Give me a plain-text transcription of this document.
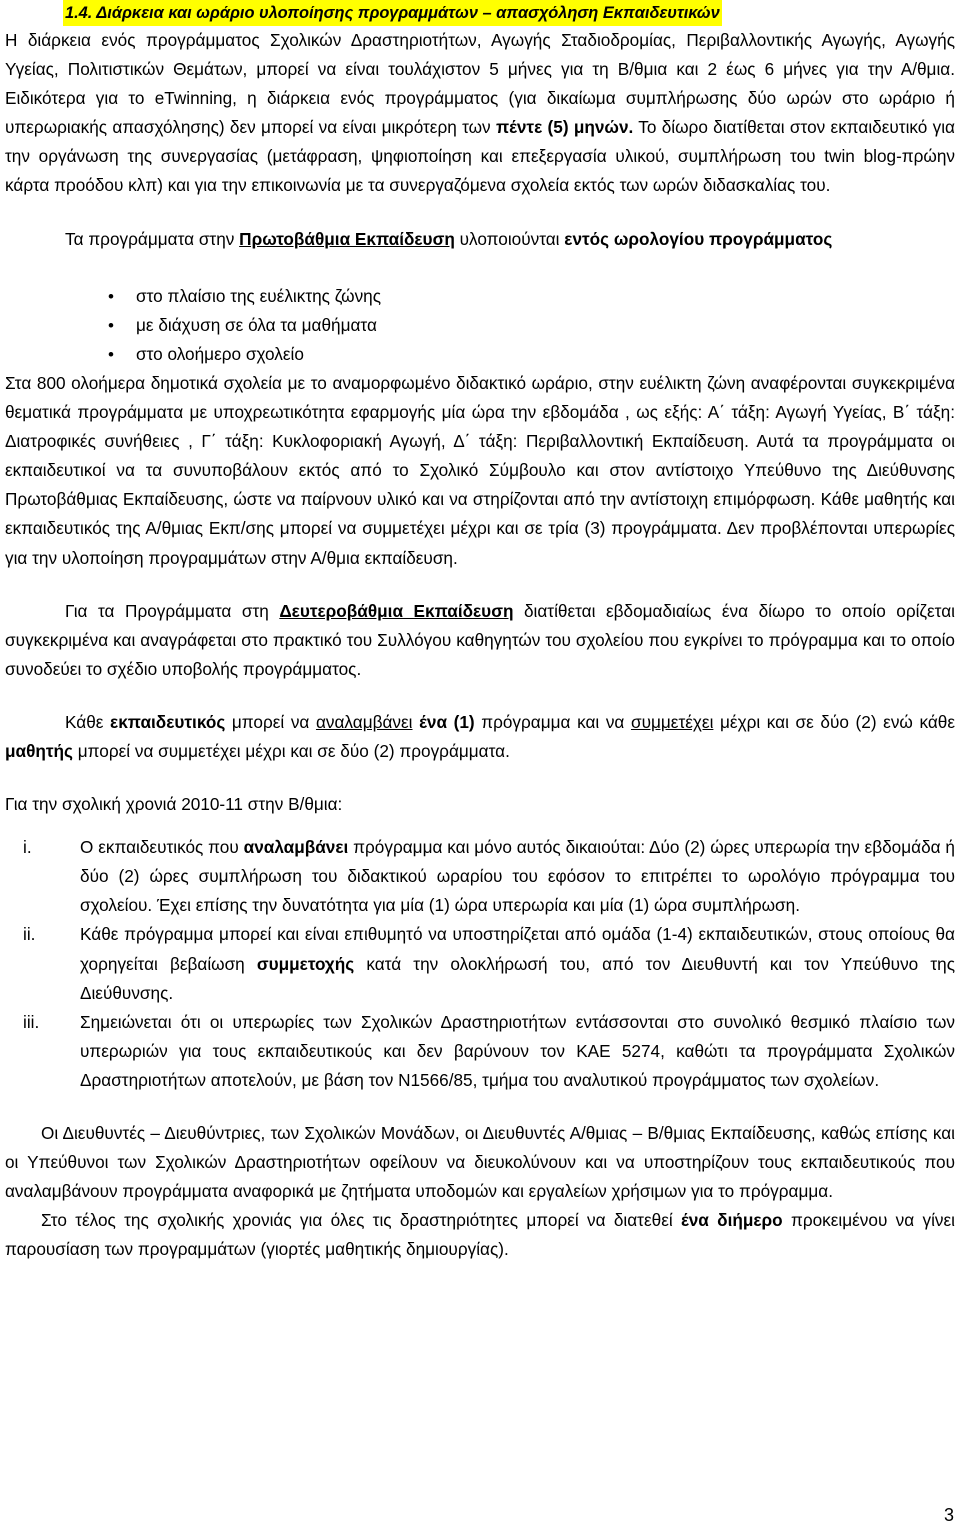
1.4. Διάρκεια και ωράριο υλοποίησης προγραμμάτων – απασχόληση Εκπαιδευτικών

Η διάρκεια ενός προγράμματος Σχολικών Δραστηριοτήτων, Αγωγής Σταδιοδρομίας, Περιβαλλοντικής Αγωγής, Αγωγής Υγείας, Πολιτιστικών Θεμάτων, μπορεί να είναι τουλάχιστον 5 μήνες για τη Β/θμια και 2 έως 6 μήνες για την Α/θμια. Ειδικότερα για το eTwinning, η διάρκεια ενός προγράμματος (για δικαίωμα συμπλήρωσης δύο ωρών στο ωράριο ή υπερωριακής απασχόλησης) δεν μπορεί να είναι μικρότερη των πέντε (5) μηνών. Το δίωρο διατίθεται στον εκπαιδευτικό για την οργάνωση της συνεργασίας (μετάφραση, ψηφιοποίηση και επεξεργασία υλικού, συμπλήρωση του twin blog-πρώην κάρτα προόδου κλπ) και για την επικοινωνία με τα συνεργαζόμενα σχολεία εκτός των ωρών διδασκαλίας του.

Τα προγράμματα στην Πρωτοβάθμια Εκπαίδευση υλοποιούνται εντός ωρολογίου προγράμματος

• στο πλαίσιο της ευέλικτης ζώνης
• με διάχυση σε όλα τα μαθήματα
• στο ολοήμερο σχολείο

Στα 800 ολοήμερα δημοτικά σχολεία με το αναμορφωμένο διδακτικό ωράριο, στην ευέλικτη ζώνη αναφέρονται συγκεκριμένα θεματικά προγράμματα με υποχρεωτικότητα εφαρμογής μία ώρα την εβδομάδα , ως εξής: Α΄ τάξη: Αγωγή Υγείας, Β΄ τάξη: Διατροφικές συνήθειες , Γ΄ τάξη: Κυκλοφοριακή Αγωγή, Δ΄ τάξη: Περιβαλλοντική Εκπαίδευση. Αυτά τα προγράμματα οι εκπαιδευτικοί να τα συνυποβάλουν εκτός από το Σχολικό Σύμβουλο και στον αντίστοιχο Υπεύθυνο της Διεύθυνσης Πρωτοβάθμιας Εκπαίδευσης, ώστε να παίρνουν υλικό και να στηρίζονται από την αντίστοιχη επιμόρφωση. Κάθε μαθητής και εκπαιδευτικός της Α/θμιας Εκπ/σης μπορεί να συμμετέχει μέχρι και σε τρία (3) προγράμματα. Δεν προβλέπονται υπερωρίες για την υλοποίηση προγραμμάτων στην Α/θμια εκπαίδευση.

Για τα Προγράμματα στη Δευτεροβάθμια Εκπαίδευση διατίθεται εβδομαδιαίως ένα δίωρο το οποίο ορίζεται συγκεκριμένα και αναγράφεται στο πρακτικό του Συλλόγου καθηγητών του σχολείου που εγκρίνει το πρόγραμμα και το οποίο συνοδεύει το σχέδιο υποβολής προγράμματος.

Κάθε εκπαιδευτικός μπορεί να αναλαμβάνει ένα (1) πρόγραμμα και να συμμετέχει μέχρι και σε δύο (2) ενώ κάθε μαθητής μπορεί να συμμετέχει μέχρι και σε δύο (2) προγράμματα.

Για την σχολική χρονιά 2010-11 στην Β/θμια:

i.	Ο εκπαιδευτικός που αναλαμβάνει πρόγραμμα και μόνο αυτός δικαιούται: Δύο (2) ώρες υπερωρία την εβδομάδα ή δύο (2) ώρες συμπλήρωση του διδακτικού ωραρίου του εφόσον το επιτρέπει το ωρολόγιο πρόγραμμα του σχολείου. Έχει επίσης την δυνατότητα για μία (1) ώρα υπερωρία και μία (1) ώρα συμπλήρωση.
ii.	Κάθε πρόγραμμα μπορεί και είναι επιθυμητό να υποστηρίζεται από ομάδα (1-4) εκπαιδευτικών, στους οποίους θα χορηγείται βεβαίωση συμμετοχής κατά την ολοκλήρωσή του, από τον Διευθυντή και τον Υπεύθυνο της Διεύθυνσης.
iii. Σημειώνεται ότι οι υπερωρίες των Σχολικών Δραστηριοτήτων εντάσσονται στο συνολικό θεσμικό πλαίσιο των υπερωριών για τους εκπαιδευτικούς και δεν βαρύνουν τον ΚΑΕ 5274, καθώτι τα προγράμματα Σχολικών Δραστηριοτήτων αποτελούν, με βάση τον Ν1566/85, τμήμα του αναλυτικού προγράμματος των σχολείων.

Οι Διευθυντές – Διευθύντριες, των Σχολικών Μονάδων, οι Διευθυντές Α/θμιας – Β/θμιας Εκπαίδευσης, καθώς επίσης και οι Υπεύθυνοι των Σχολικών Δραστηριοτήτων οφείλουν να διευκολύνουν και να υποστηρίζουν τους εκπαιδευτικούς που αναλαμβάνουν προγράμματα αναφορικά με ζητήματα υποδομών και εργαλείων χρήσιμων για το πρόγραμμα.

Στο τέλος της σχολικής χρονιάς για όλες τις δραστηριότητες μπορεί να διατεθεί ένα διήμερο προκειμένου να γίνει παρουσίαση των προγραμμάτων (γιορτές μαθητικής δημιουργίας).

3
